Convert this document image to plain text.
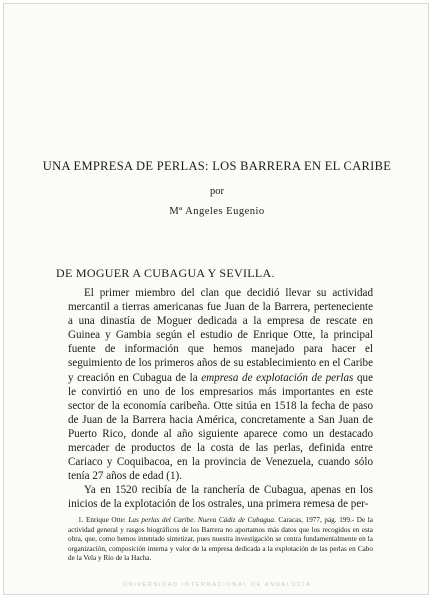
UNA EMPRESA DE PERLAS: LOS BARRERA EN EL CARIBE
por
Mª Angeles Eugenio
DE MOGUER A CUBAGUA Y SEVILLA.

El primer miembro del clan que decidió llevar su actividad mercantil a tierras americanas fue Juan de la Barrera, perteneciente a una dinastía de Moguer dedicada a la empresa de rescate en Guinea y Gambia según el estudio de Enrique Otte, la principal fuente de información que hemos manejado para hacer el seguimiento de los primeros años de su establecimiento en el Caribe y creación en Cubagua de la empresa de explotación de perlas que le convirtió en uno de los empresarios más importantes en este sector de la economía caribeña. Otte sitúa en 1518 la fecha de paso de Juan de la Barrera hacia América, concretamente a San Juan de Puerto Rico, donde al año siguiente aparece como un destacado mercader de productos de la costa de las perlas, definida entre Cariaco y Coquibacoa, en la provincia de Venezuela, cuando sólo tenía 27 años de edad (1).

Ya en 1520 recibía de la ranchería de Cubagua, apenas en los inicios de la explotación de los ostrales, una primera remesa de per-

1. Enrique Otte: Las perlas del Caribe. Nueva Cádiz de Cubagua. Caracas, 1977, pág. 199.- De la actividad general y rasgos biográficos de los Barrera no aportamos más datos que los recogidos en esta obra, que, como hemos intentado sintetizar, pues nuestra investigación se centra fundamentalmente en la organización, composición interna y valor de la empresa dedicada a la explotación de las perlas en Cabo de la Vela y Río de la Hacha.

UNIVERSIDAD INTERNACIONAL DE ANDALUCÍA
